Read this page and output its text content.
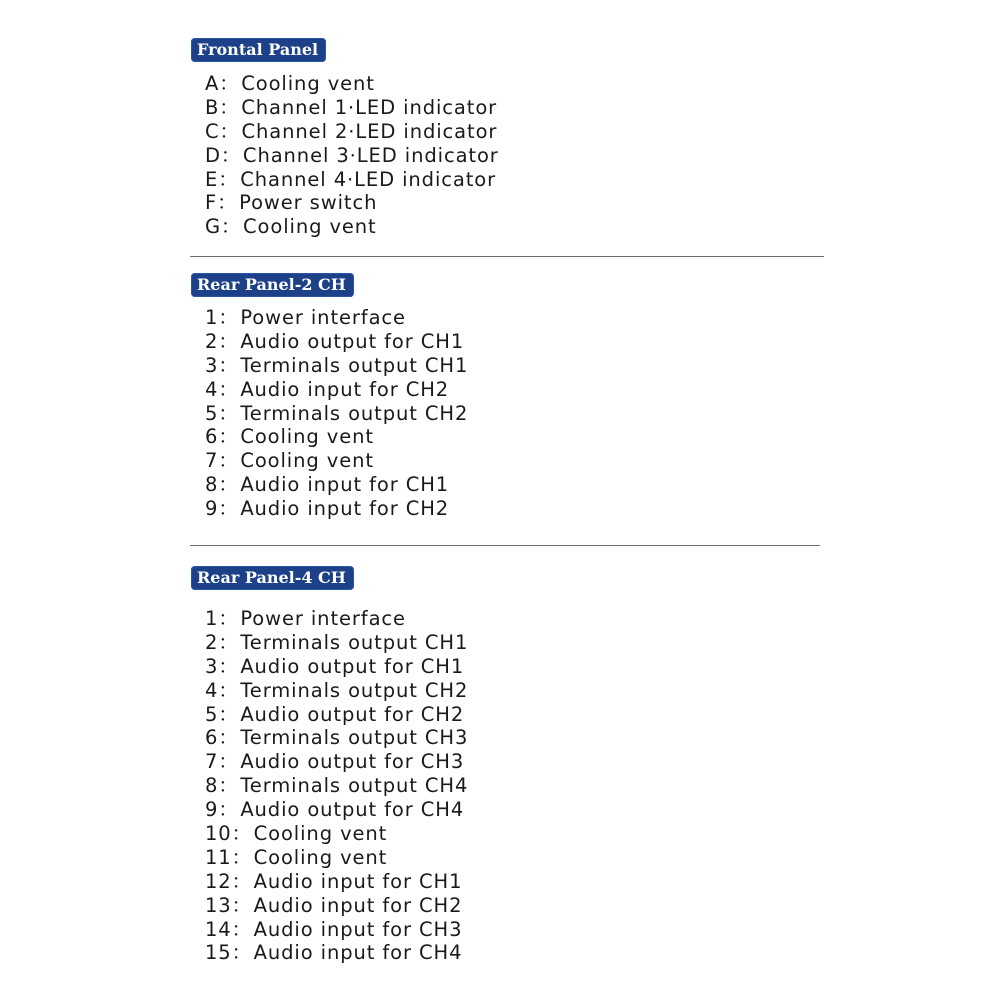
Frontal Panel
A：Cooling vent
B：Channel 1·LED indicator
C：Channel 2·LED indicator
D：Channel 3·LED indicator
E：Channel 4·LED indicator
F：Power switch
G：Cooling vent
Rear Panel-2 CH
1：Power interface
2：Audio output for CH1
3：Terminals output CH1
4：Audio input for CH2
5：Terminals output CH2
6：Cooling vent
7：Cooling vent
8：Audio input for CH1
9：Audio input for CH2
Rear Panel-4 CH
1：Power interface
2：Terminals output CH1
3：Audio output for CH1
4：Terminals output CH2
5：Audio output for CH2
6：Terminals output CH3
7：Audio output for CH3
8：Terminals output CH4
9：Audio output for CH4
10：Cooling vent
11：Cooling vent
12：Audio input for CH1
13：Audio input for CH2
14：Audio input for CH3
15：Audio input for CH4
